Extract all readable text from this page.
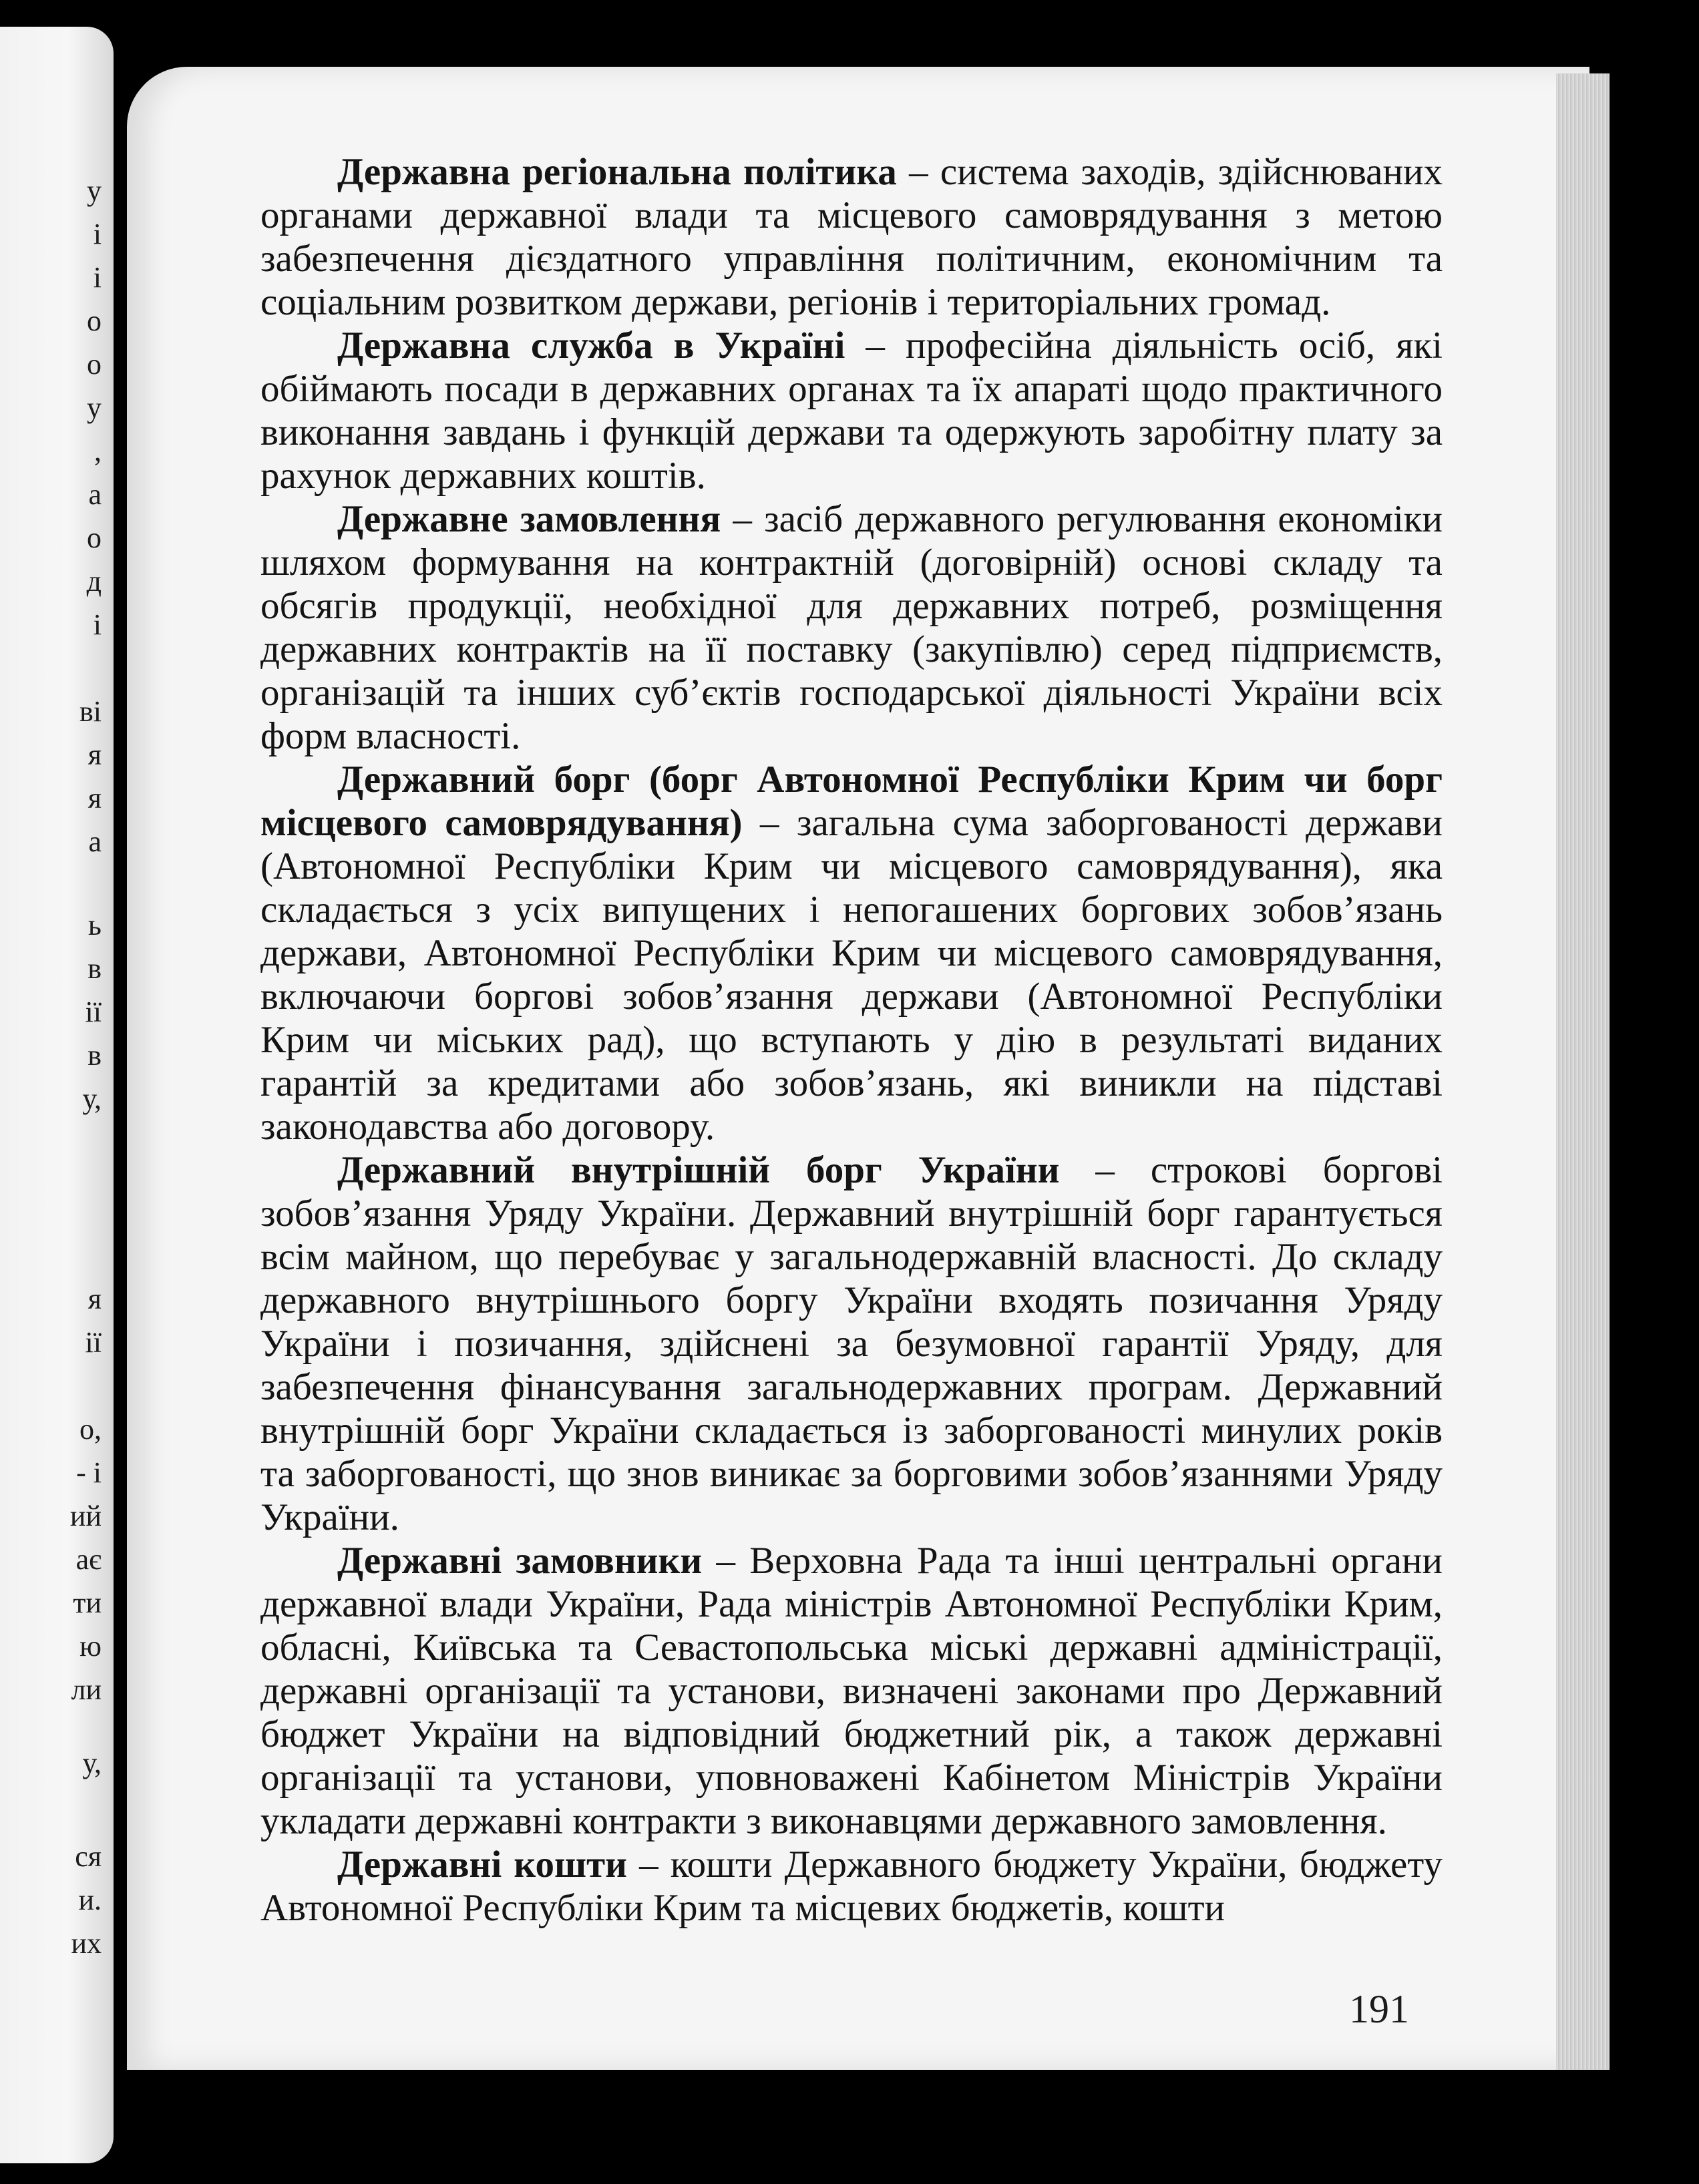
у
і
і
о
о
у
,
а
о
д
і
ві
я
я
а
ь
в
ії
в
у,
я
ії
о,
- і
ий
ає
ти
ю
ли
у,
ся
и.
их

Державна регіональна політика – система заходів, здійснюваних органами державної влади та місцевого самоврядування з метою забезпечення дієздатного управління політичним, економічним та соціальним розвитком держави, регіонів і територіальних громад.

Державна служба в Україні – професійна діяльність осіб, які обіймають посади в державних органах та їх апараті щодо практичного виконання завдань і функцій держави та одержують заробітну плату за рахунок державних коштів.

Державне замовлення – засіб державного регулювання економіки шляхом формування на контрактній (договірній) основі складу та обсягів продукції, необхідної для державних потреб, розміщення державних контрактів на її поставку (закупівлю) серед підприємств, організацій та інших суб’єктів господарської діяльності України всіх форм власності.

Державний борг (борг Автономної Республіки Крим чи борг місцевого самоврядування) – загальна сума заборгованості держави (Автономної Республіки Крим чи місцевого самоврядування), яка складається з усіх випущених і непогашених боргових зобов’язань держави, Автономної Республіки Крим чи місцевого самоврядування, включаючи боргові зобов’язання держави (Автономної Республіки Крим чи міських рад), що вступають у дію в результаті виданих гарантій за кредитами або зобов’язань, які виникли на підставі законодавства або договору.

Державний внутрішній борг України – строкові боргові зобов’язання Уряду України. Державний внутрішній борг гарантується всім майном, що перебуває у загальнодержавній власності. До складу державного внутрішнього боргу України входять позичання Уряду України і позичання, здійснені за безумовної гарантії Уряду, для забезпечення фінансування загальнодержавних програм. Державний внутрішній борг України складається із заборгованості минулих років та заборгованості, що знов виникає за борговими зобов’язаннями Уряду України.

Державні замовники – Верховна Рада та інші центральні органи державної влади України, Рада міністрів Автономної Республіки Крим, обласні, Київська та Севастопольська міські державні адміністрації, державні організації та установи, визначені законами про Державний бюджет України на відповідний бюджетний рік, а також державні організації та установи, уповноважені Кабінетом Міністрів України укладати державні контракти з виконавцями державного замовлення.

Державні кошти – кошти Державного бюджету України, бюджету Автономної Республіки Крим та місцевих бюджетів, кошти

191
